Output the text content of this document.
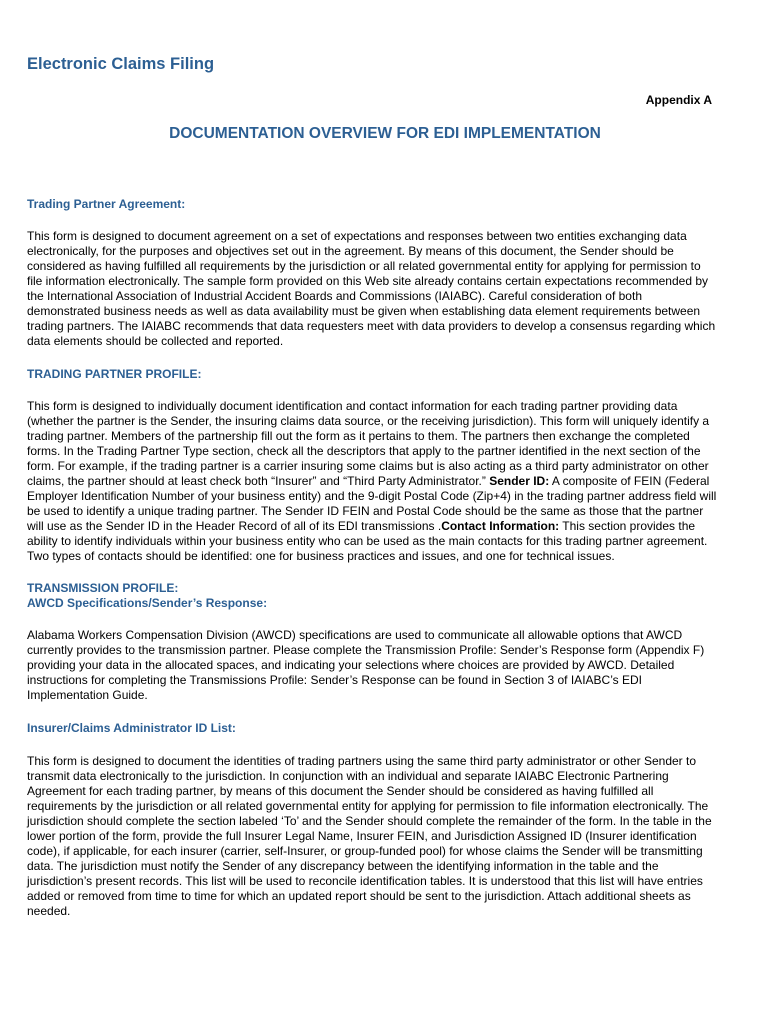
Electronic Claims Filing
Appendix A
DOCUMENTATION OVERVIEW FOR EDI IMPLEMENTATION
Trading Partner Agreement:
This form is designed to document agreement on a set of expectations and responses between two entities exchanging data
electronically, for the purposes and objectives set out in the agreement. By means of this document, the Sender should be
considered as having fulfilled all requirements by the jurisdiction or all related governmental entity for applying for permission to
file information electronically. The sample form provided on this Web site already contains certain expectations recommended by
the International Association of Industrial Accident Boards and Commissions (IAIABC). Careful consideration of both
demonstrated business needs as well as data availability must be given when establishing data element requirements between
trading partners. The IAIABC recommends that data requesters meet with data providers to develop a consensus regarding which
data elements should be collected and reported.
TRADING PARTNER PROFILE:
This form is designed to individually document identification and contact information for each trading partner providing data
(whether the partner is the Sender, the insuring claims data source, or the receiving jurisdiction). This form will uniquely identify a
trading partner. Members of the partnership fill out the form as it pertains to them. The partners then exchange the completed
forms. In the Trading Partner Type section, check all the descriptors that apply to the partner identified in the next section of the
form. For example, if the trading partner is a carrier insuring some claims but is also acting as a third party administrator on other
claims, the partner should at least check both “Insurer” and “Third Party Administrator.” Sender ID: A composite of FEIN (Federal
Employer Identification Number of your business entity) and the 9-digit Postal Code (Zip+4) in the trading partner address field will
be used to identify a unique trading partner. The Sender ID FEIN and Postal Code should be the same as those that the partner
will use as the Sender ID in the Header Record of all of its EDI transmissions .Contact Information: This section provides the
ability to identify individuals within your business entity who can be used as the main contacts for this trading partner agreement.
Two types of contacts should be identified: one for business practices and issues, and one for technical issues.
TRANSMISSION PROFILE:
AWCD Specifications/Sender’s Response:
Alabama Workers Compensation Division (AWCD) specifications are used to communicate all allowable options that AWCD
currently provides to the transmission partner. Please complete the Transmission Profile: Sender’s Response form (Appendix F)
providing your data in the allocated spaces, and indicating your selections where choices are provided by AWCD. Detailed
instructions for completing the Transmissions Profile: Sender’s Response can be found in Section 3 of IAIABC’s EDI
Implementation Guide.
Insurer/Claims Administrator ID List:
This form is designed to document the identities of trading partners using the same third party administrator or other Sender to
transmit data electronically to the jurisdiction. In conjunction with an individual and separate IAIABC Electronic Partnering
Agreement for each trading partner, by means of this document the Sender should be considered as having fulfilled all
requirements by the jurisdiction or all related governmental entity for applying for permission to file information electronically. The
jurisdiction should complete the section labeled ‘To’ and the Sender should complete the remainder of the form. In the table in the
lower portion of the form, provide the full Insurer Legal Name, Insurer FEIN, and Jurisdiction Assigned ID (Insurer identification
code), if applicable, for each insurer (carrier, self-Insurer, or group-funded pool) for whose claims the Sender will be transmitting
data. The jurisdiction must notify the Sender of any discrepancy between the identifying information in the table and the
jurisdiction’s present records. This list will be used to reconcile identification tables. It is understood that this list will have entries
added or removed from time to time for which an updated report should be sent to the jurisdiction. Attach additional sheets as
needed.
